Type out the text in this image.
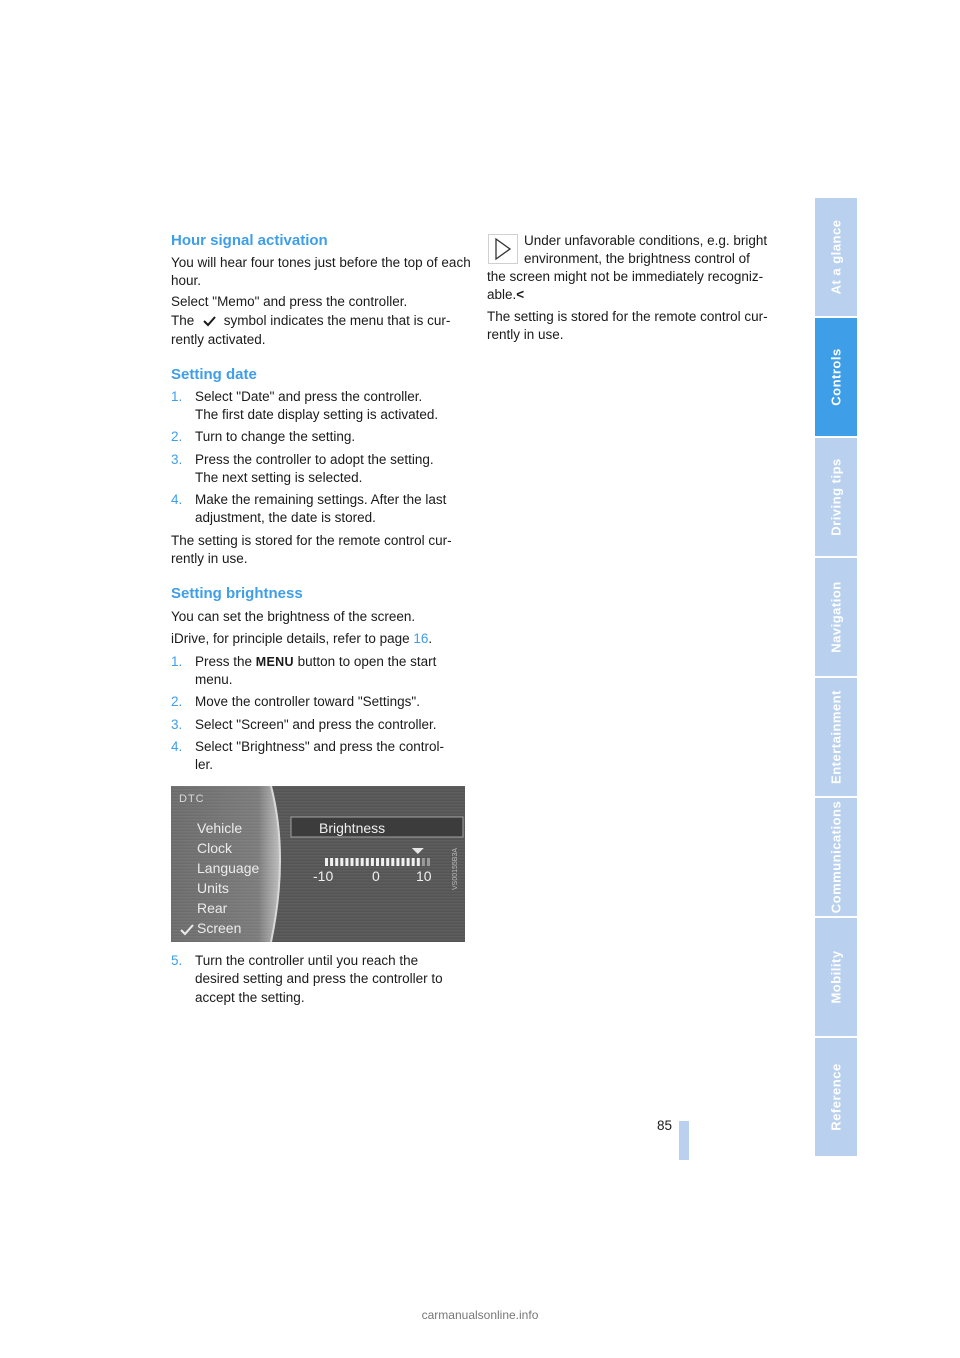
Hour signal activation

You will hear four tones just before the top of each hour.

Select "Memo" and press the controller.

The symbol indicates the menu that is cur-

rently activated.

Setting date
1. Select "Date" and press the controller.
The first date display setting is activated.
2. Turn to change the setting.
3. Press the controller to adopt the setting.
The next setting is selected.
4. Make the remaining settings. After the last
adjustment, the date is stored.

The setting is stored for the remote control cur-
rently in use.

Setting brightness

You can set the brightness of the screen.

iDrive, for principle details, refer to page 16.

1. Press the MENU button to open the start
menu.
2. Move the controller toward "Settings".
3. Select "Screen" and press the controller.
4. Select "Brightness" and press the control-
ler.
DTC
Vehicle
Clock
Language
Units
Rear
Screen
Brightness
-10	0	10	VS00155B3A
5. Turn the controller until you reach the
desired setting and press the controller to
accept the setting.

Under unfavorable conditions, e.g. bright

environment, the brightness control of

the screen might not be immediately recogniz-

able.<

The setting is stored for the remote control cur-
rently in use.

At a glance
Controls
Driving tips
Navigation
Entertainment
Communications
Mobility
Reference
85
carmanualsonline.info
